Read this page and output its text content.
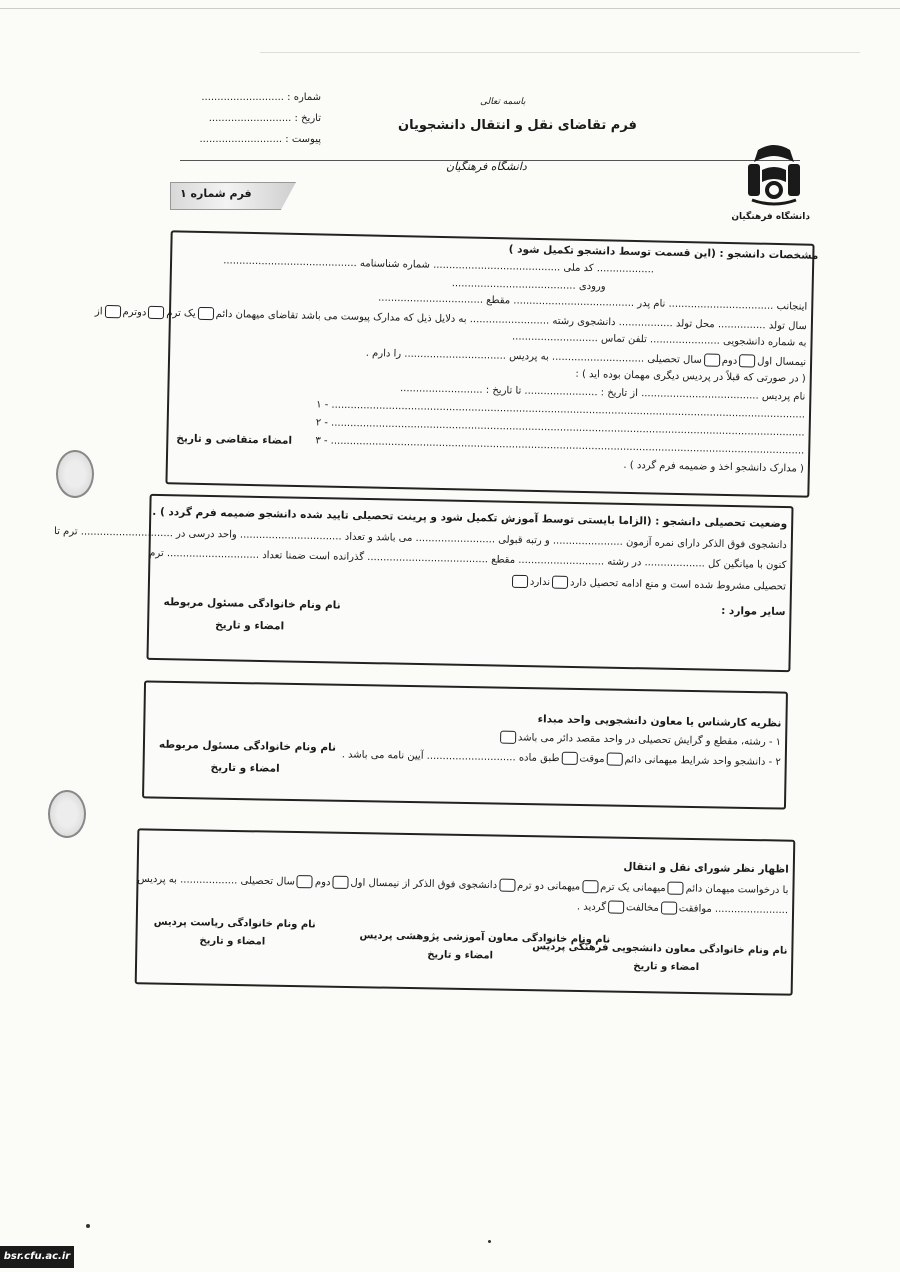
شماره : ..........................
تاریخ : ..........................
پیوست : ..........................
باسمه تعالی
فرم تقاضای نقل و انتقال دانشجویان
دانشگاه فرهنگیان
دانشگاه فرهنگیان
فرم شماره ۱
مشخصات دانشجو : (این قسمت توسط دانشجو تکمیل شود )
.................. کد ملی ........................................ شماره شناسنامه ..........................................
ورودی .......................................
اینجانب ................................. نام پدر ...................................... مقطع .................................
سال تولد ............... محل تولد ................. دانشجوی رشته ......................... به دلایل ذیل که مدارک پیوست می باشد تقاضای میهمان دائمیک ترمدوترماز
به شماره دانشجویی ...................... تلفن تماس ...........................
نیمسال اولدومسال تحصیلی ............................. به پردیس ................................ را دارم .
( در صورتی که قبلاً در پردیس دیگری مهمان بوده اید ) :
نام پردیس ..................................... از تاریخ : ....................... تا تاریخ : ..........................
۱ - .....................................................................................................................................................
۲ - .....................................................................................................................................................
۳ - .....................................................................................................................................................
( مدارک دانشجو اخذ و ضمیمه فرم گردد ) .
امضاء متقاضی و تاریخ
وضعیت تحصیلی دانشجو : (الزاما بایستی توسط آموزش تکمیل شود و پرینت تحصیلی تایید شده دانشجو ضمیمه فرم گردد ) .
دانشجوی فوق الذکر دارای نمره آزمون ...................... و رتبه قبولی ......................... می باشد و تعداد ................................ واحد درسی در ............................. ترم تا
کنون با میانگین کل ................... در رشته ........................... مقطع ...................................... گذرانده است ضمنا تعداد ............................. ترم
تحصیلی مشروط شده است و منع ادامه تحصیل داردندارد
سایر موارد :
نام ونام خانوادگی مسئول مربوطه
امضاء و تاریخ
نظریه کارشناس یا معاون دانشجویی واحد مبداء
۱ - رشته، مقطع و گرایش تحصیلی در واحد مقصد دائر می باشد
۲ - دانشجو واحد شرایط میهمانی دائمموقتطبق ماده ............................ آیین نامه می باشد .
نام ونام خانوادگی مسئول مربوطه
امضاء و تاریخ
اظهار نظر شورای نقل و انتقال
با درخواست میهمان دائممیهمانی یک ترممیهمانی دو ترمدانشجوی فوق الذکر از نیمسال اولدومسال تحصیلی .................. به پردیس
....................... موافقتمخالفتگردید .
نام ونام خانوادگی ریاست پردیس
امضاء و تاریخ	نام ونام خانوادگی معاون آموزشی پژوهشی پردیس
امضاء و تاریخ	نام ونام خانوادگی معاون دانشجویی فرهنگی پردیس
امضاء و تاریخ
bsr.cfu.ac.ir
